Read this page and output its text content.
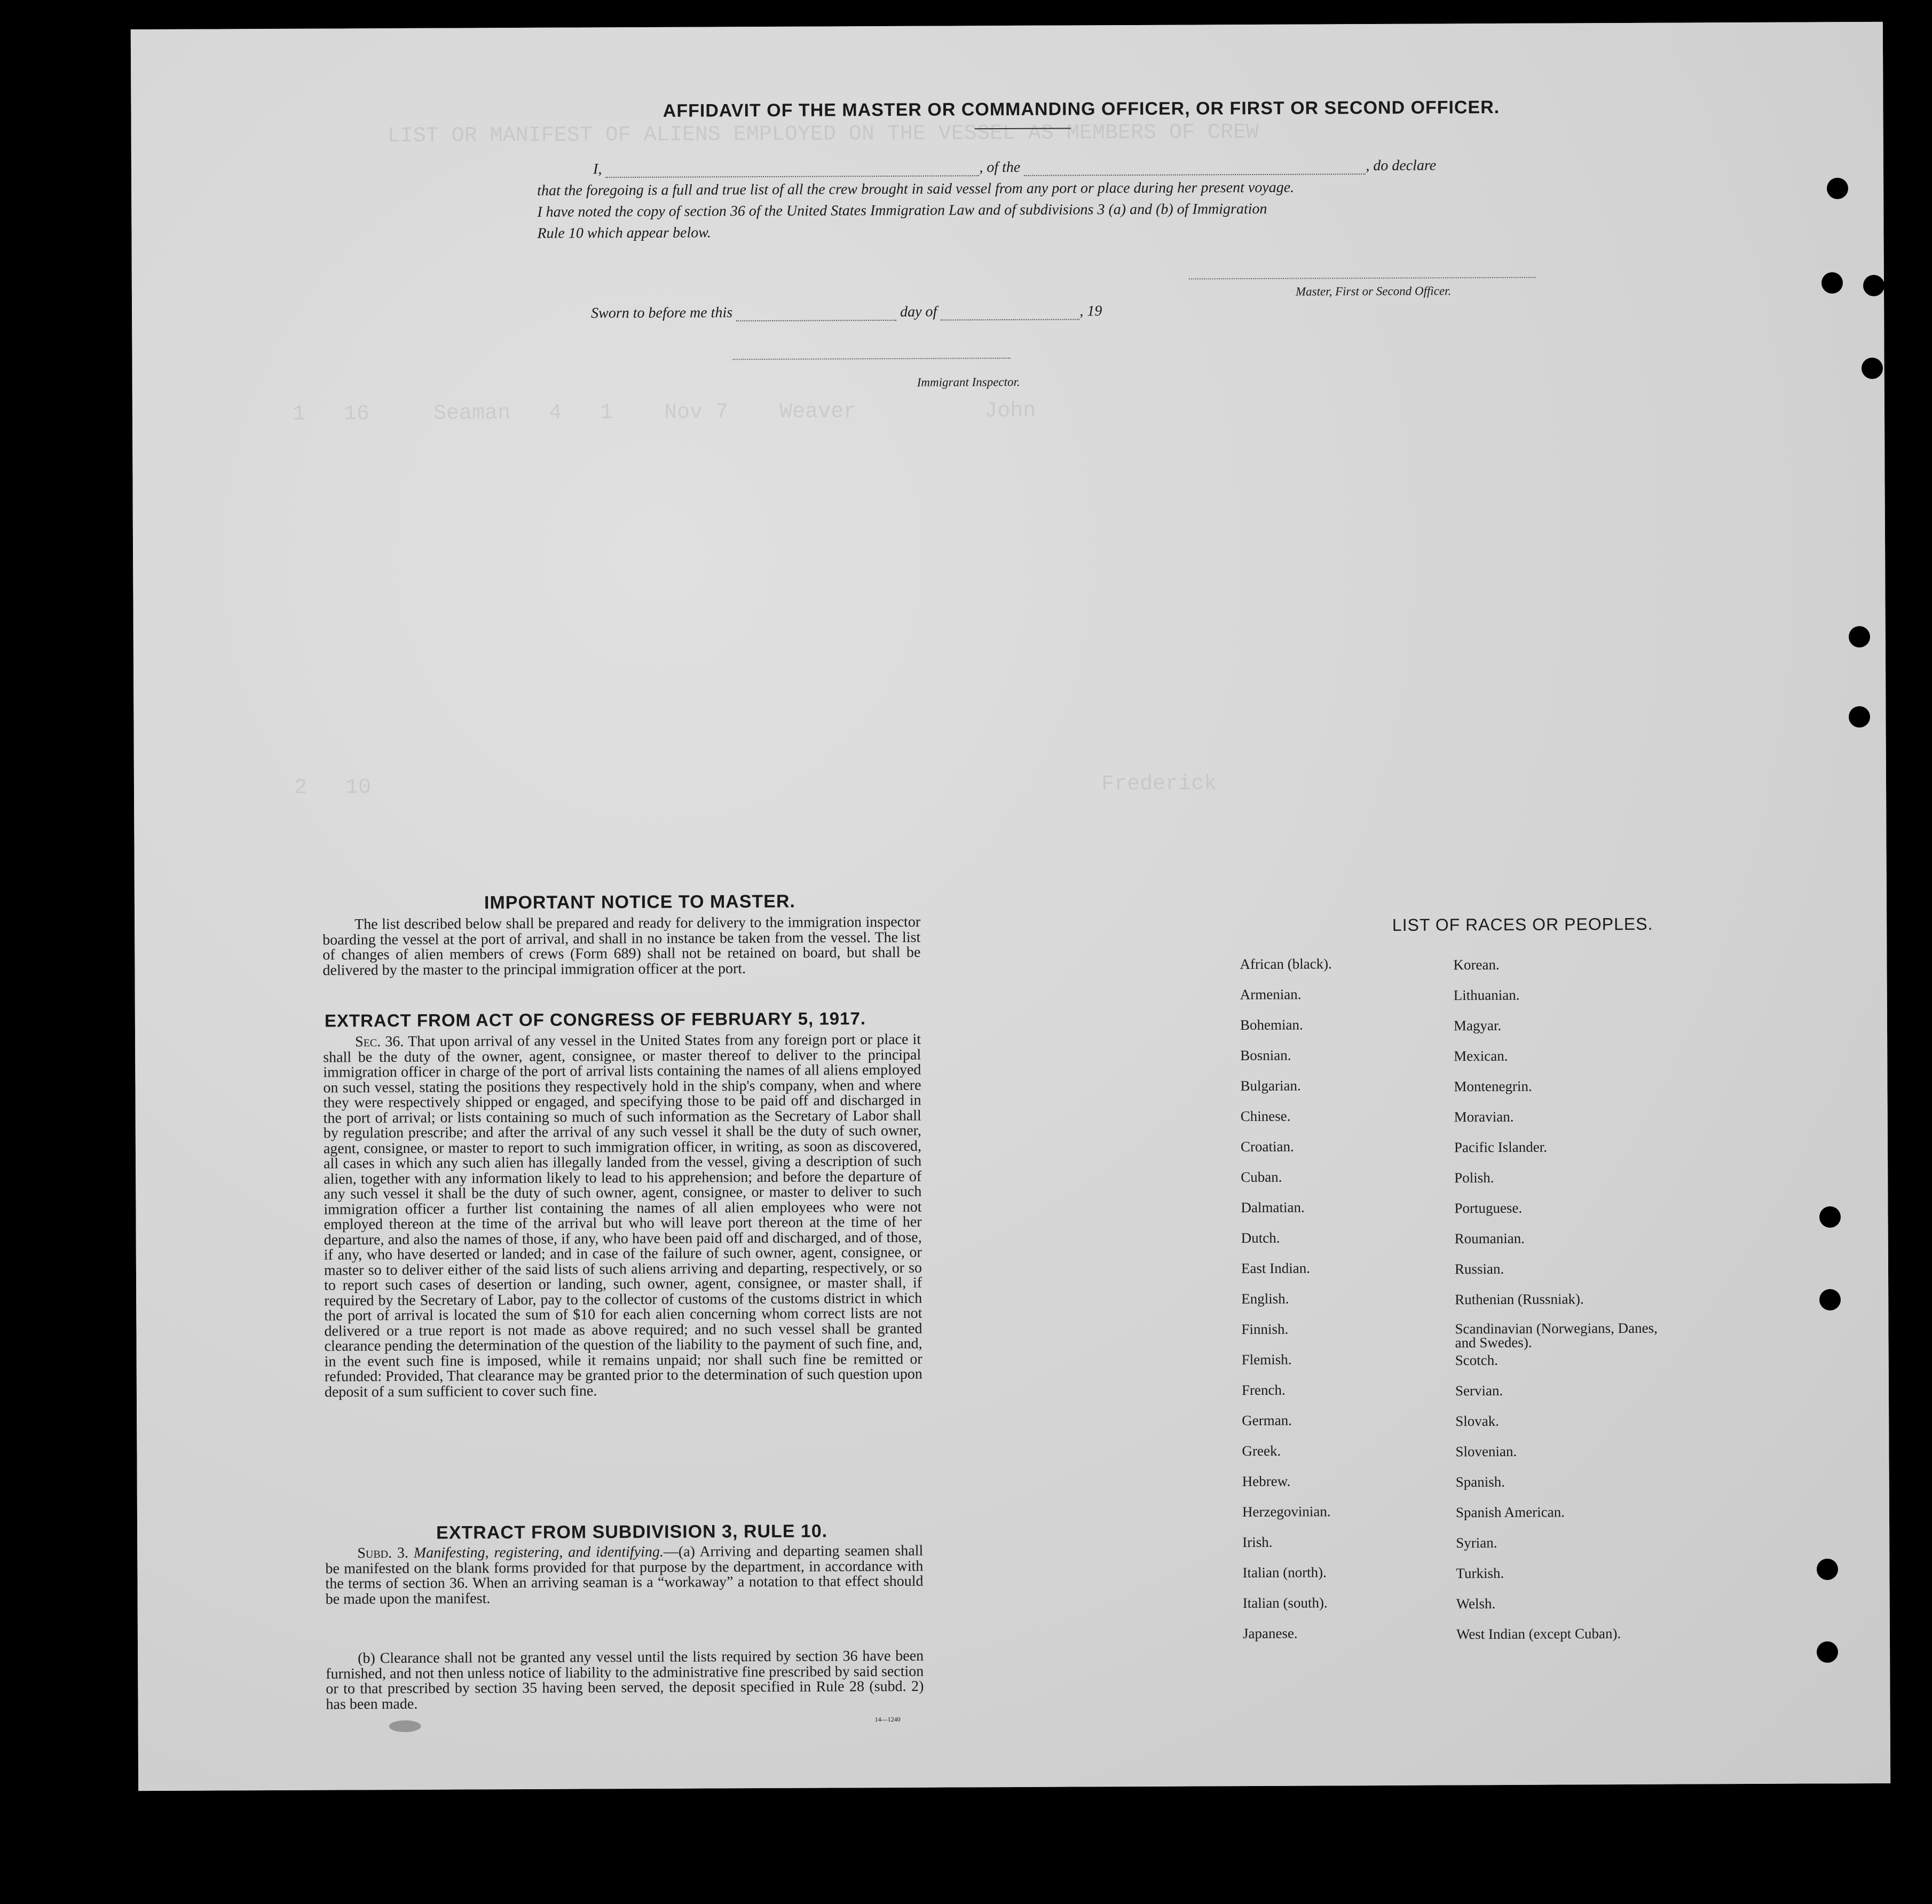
LIST OR MANIFEST OF ALIENS EMPLOYED ON THE VESSEL AS MEMBERS OF CREW
1   16     Seaman   4   1    Nov 7    Weaver          John
2   10                                                         Frederick
AFFIDAVIT OF THE MASTER OR COMMANDING OFFICER, OR FIRST OR SECOND OFFICER.
I,	, of the	, do declare
that the foregoing is a full and true list of all the crew brought in said vessel from any port or place during her present voyage.
I have noted the copy of section 36 of the United States Immigration Law and of subdivisions 3 (a) and (b) of Immigration
Rule 10 which appear below.
Master, First or Second Officer.
Sworn to before me this	day of	, 19
Immigrant Inspector.
IMPORTANT NOTICE TO MASTER.
The list described below shall be prepared and ready for delivery to the immigration inspector boarding the vessel at the port of arrival, and shall in no instance be taken from the vessel. The list of changes of alien members of crews (Form 689) shall not be retained on board, but shall be delivered by the master to the principal immigration officer at the port.
EXTRACT FROM ACT OF CONGRESS OF FEBRUARY 5, 1917.
Sec. 36. That upon arrival of any vessel in the United States from any foreign port or place it shall be the duty of the owner, agent, consignee, or master thereof to deliver to the principal immigration officer in charge of the port of arrival lists containing the names of all aliens employed on such vessel, stating the positions they respectively hold in the ship's company, when and where they were respectively shipped or engaged, and specifying those to be paid off and discharged in the port of arrival; or lists containing so much of such information as the Secretary of Labor shall by regulation prescribe; and after the arrival of any such vessel it shall be the duty of such owner, agent, consignee, or master to report to such immigration officer, in writing, as soon as discovered, all cases in which any such alien has illegally landed from the vessel, giving a description of such alien, together with any information likely to lead to his apprehension; and before the departure of any such vessel it shall be the duty of such owner, agent, consignee, or master to deliver to such immigration officer a further list containing the names of all alien employees who were not employed thereon at the time of the arrival but who will leave port thereon at the time of her departure, and also the names of those, if any, who have been paid off and discharged, and of those, if any, who have deserted or landed; and in case of the failure of such owner, agent, consignee, or master so to deliver either of the said lists of such aliens arriving and departing, respectively, or so to report such cases of desertion or landing, such owner, agent, consignee, or master shall, if required by the Secretary of Labor, pay to the collector of customs of the customs district in which the port of arrival is located the sum of $10 for each alien concerning whom correct lists are not delivered or a true report is not made as above required; and no such vessel shall be granted clearance pending the determination of the question of the liability to the payment of such fine, and, in the event such fine is imposed, while it remains unpaid; nor shall such fine be remitted or refunded: Provided, That clearance may be granted prior to the determination of such question upon deposit of a sum sufficient to cover such fine.
EXTRACT FROM SUBDIVISION 3, RULE 10.
Subd. 3. Manifesting, registering, and identifying.—(a) Arriving and departing seamen shall be manifested on the blank forms provided for that purpose by the department, in accordance with the terms of section 36. When an arriving seaman is a “workaway” a notation to that effect should be made upon the manifest.
(b) Clearance shall not be granted any vessel until the lists required by section 36 have been furnished, and not then unless notice of liability to the administrative fine prescribed by said section or to that prescribed by section 35 having been served, the deposit specified in Rule 28 (subd. 2) has been made.
14—1240
LIST OF RACES OR PEOPLES.
African (black).
Armenian.
Bohemian.
Bosnian.
Bulgarian.
Chinese.
Croatian.
Cuban.
Dalmatian.
Dutch.
East Indian.
English.
Finnish.
Flemish.
French.
German.
Greek.
Hebrew.
Herzegovinian.
Irish.
Italian (north).
Italian (south).
Japanese.
Korean.
Lithuanian.
Magyar.
Mexican.
Montenegrin.
Moravian.
Pacific Islander.
Polish.
Portuguese.
Roumanian.
Russian.
Ruthenian (Russniak).
Scandinavian (Norwegians, Danes, and Swedes).
Scotch.
Servian.
Slovak.
Slovenian.
Spanish.
Spanish American.
Syrian.
Turkish.
Welsh.
West Indian (except Cuban).
